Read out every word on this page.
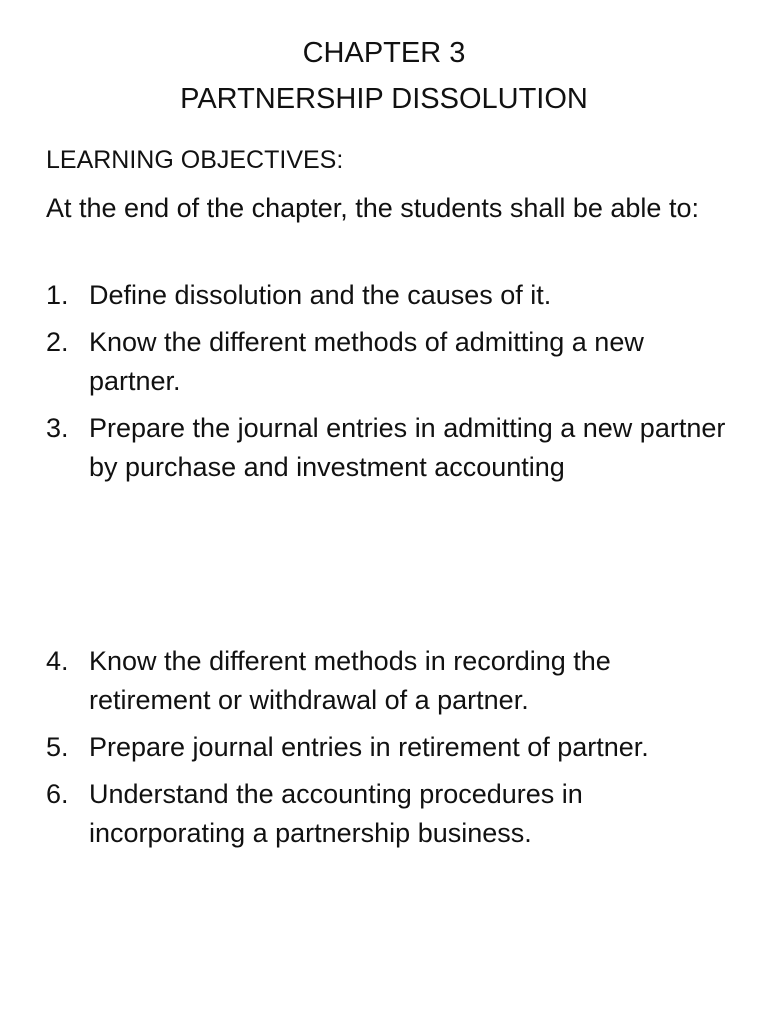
CHAPTER 3
PARTNERSHIP DISSOLUTION
LEARNING OBJECTIVES:
At the end of the chapter, the students shall be able to:
1. Define dissolution and the causes of it.
2. Know the different methods of admitting a new partner.
3. Prepare the journal entries in admitting a new partner by purchase and investment accounting
4. Know the different methods in recording the retirement or withdrawal of a partner.
5. Prepare journal entries in retirement of partner.
6. Understand the accounting procedures in incorporating a partnership business.
